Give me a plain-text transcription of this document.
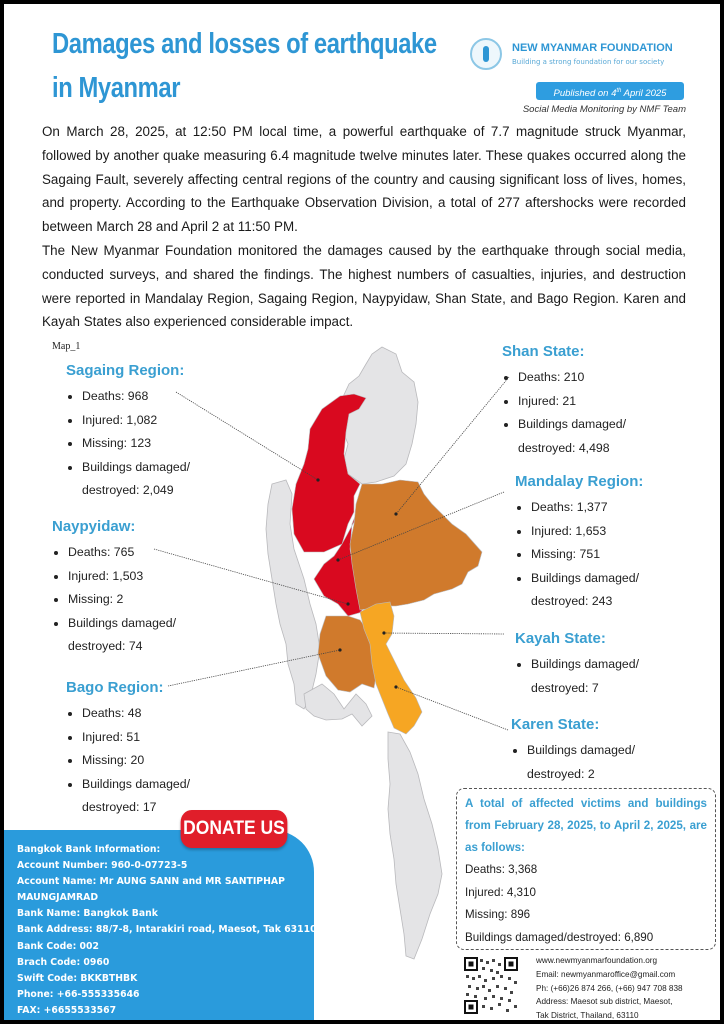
Damages and losses of earthquake
in Myanmar
NEW MYANMAR FOUNDATION
Building a strong foundation for our society
Published on 4th April 2025
Social Media Monitoring by NMF Team

On March 28, 2025, at 12:50 PM local time, a powerful earthquake of 7.7 magnitude struck Myanmar, followed by another quake measuring 6.4 magnitude twelve minutes later. These quakes occurred along the Sagaing Fault, severely affecting central regions of the country and causing significant loss of lives, homes, and property. According to the Earthquake Observation Division, a total of 277 aftershocks were recorded between March 28 and April 2 at 11:50 PM.

The New Myanmar Foundation monitored the damages caused by the earthquake through social media, conducted surveys, and shared the findings. The highest numbers of casualties, injuries, and destruction were reported in Mandalay Region, Sagaing Region, Naypyidaw, Shan State, and Bago Region. Karen and Kayah States also experienced considerable impact.

Map_1
Sagaing Region:
Deaths: 968
Injured: 1,082
Missing: 123
Buildings damaged/
destroyed: 2,049
Naypyidaw:
Deaths: 765
Injured: 1,503
Missing: 2
Buildings damaged/
destroyed: 74
Bago Region:
Deaths: 48
Injured: 51
Missing: 20
Buildings damaged/
destroyed: 17
Shan State:
Deaths: 210
Injured: 21
Buildings damaged/
destroyed: 4,498
Mandalay Region:
Deaths: 1,377
Injured: 1,653
Missing: 751
Buildings damaged/
destroyed: 243
Kayah State:
Buildings damaged/
destroyed: 7
Karen State:
Buildings damaged/
destroyed: 2
A total of affected victims and buildings from February 28, 2025, to April 2, 2025, are as follows:
Deaths: 3,368
Injured: 4,310
Missing: 896
Buildings damaged/destroyed: 6,890
DONATE US
Bangkok Bank Information:
Account Number: 960-0-07723-5
Account Name: Mr AUNG SANN and MR SANTIPHAP
MAUNGJAMRAD
Bank Name: Bangkok Bank
Bank Address: 88/7-8, Intarakiri road, Maesot, Tak 63110
Bank Code: 002
Brach Code: 0960
Swift Code: BKKBTHBK
Phone: +66-555335646
FAX: +6655533567
www.newmyanmarfoundation.org
Email: newmyanmaroffice@gmail.com
Ph: (+66)26 874 266, (+66) 947 708 838
Address: Maesot sub district, Maesot,
Tak District, Thailand, 63110
